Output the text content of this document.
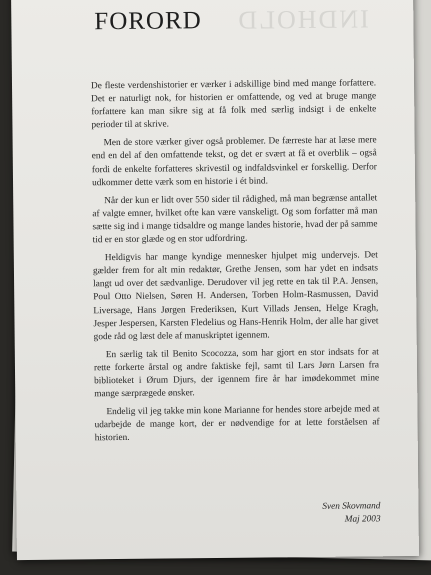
INDHOLD
FORORD

De fleste verdenshistorier er værker i adskillige bind med mange forfattere. Det er naturligt nok, for historien er omfattende, og ved at bruge mange forfattere kan man sikre sig at få folk med særlig indsigt i de enkelte perioder til at skrive.

Men de store værker giver også problemer. De færreste har at læse mere end en del af den omfattende tekst, og det er svært at få et overblik – også fordi de enkelte forfatteres skrivestil og indfaldsvinkel er forskellig. Derfor udkommer dette værk som en historie i ét bind.

Når der kun er lidt over 550 sider til rådighed, må man begrænse antallet af valgte emner, hvilket ofte kan være vanskeligt. Og som forfatter må man sætte sig ind i mange tidsaldre og mange landes historie, hvad der på samme tid er en stor glæde og en stor udfordring.

Heldigvis har mange kyndige mennesker hjulpet mig undervejs. Det gælder frem for alt min redaktør, Grethe Jensen, som har ydet en indsats langt ud over det sædvanlige. Derudover vil jeg rette en tak til P.A. Jensen, Poul Otto Nielsen, Søren H. Andersen, Torben Holm-Rasmussen, David Liversage, Hans Jørgen Frederiksen, Kurt Villads Jensen, Helge Kragh, Jesper Jespersen, Karsten Fledelius og Hans-Henrik Holm, der alle har givet gode råd og læst dele af manuskriptet igennem.

En særlig tak til Benito Scocozza, som har gjort en stor indsats for at rette forkerte årstal og andre faktiske fejl, samt til Lars Jørn Larsen fra biblioteket i Ørum Djurs, der igennem fire år har imødekommet mine mange særprægede ønsker.

Endelig vil jeg takke min kone Marianne for hendes store arbejde med at udarbejde de mange kort, der er nødvendige for at lette forståelsen af historien.

Sven Skovmand
Maj 2003
